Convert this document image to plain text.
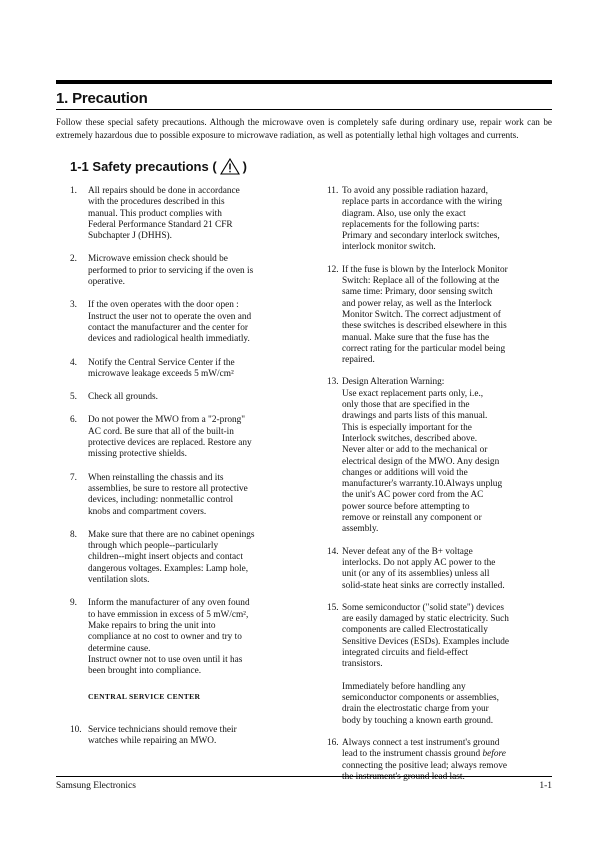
1. Precaution

Follow these special safety precautions. Although the microwave oven is completely safe during ordinary use, repair work can be extremely hazardous due to possible exposure to microwave radiation, as well as potentially lethal high voltages and currents.

1-1 Safety precautions ( )
1.	All repairs should be done in accordance
with the procedures described in this
manual. This product complies with
Federal Performance Standard 21 CFR
Subchapter J (DHHS).
2.	Microwave emission check should be
performed to prior to servicing if the oven is
operative.
3.	If the oven operates with the door open :
Instruct the user not to operate the oven and
contact the manufacturer and the center for
devices and radiological health immediatly.
4.	Notify the Central Service Center if the
microwave leakage exceeds 5 mW/cm²
5.	Check all grounds.
6.	Do not power the MWO from a "2-prong"
AC cord. Be sure that all of the built-in
protective devices are replaced. Restore any
missing protective shields.
7.	When reinstalling the chassis and its
assemblies, be sure to restore all protective
devices, including: nonmetallic control
knobs and compartment covers.
8.	Make sure that there are no cabinet openings
through which people--particularly
children--might insert objects and contact
dangerous voltages. Examples: Lamp hole,
ventilation slots.
9.	Inform the manufacturer of any oven found
to have emmission in excess of 5 mW/cm²,
Make repairs to bring the unit into
compliance at no cost to owner and try to
determine cause.
Instruct owner not to use oven until it has
been brought into compliance.
CENTRAL SERVICE CENTER
10. Service technicians should remove their
watches while repairing an MWO.
11. To avoid any possible radiation hazard,
replace parts in accordance with the wiring
diagram. Also, use only the exact
replacements for the following parts:
Primary and secondary interlock switches,
interlock monitor switch.
12. If the fuse is blown by the Interlock Monitor
Switch: Replace all of the following at the
same time: Primary, door sensing switch
and power relay, as well as the Interlock
Monitor Switch. The correct adjustment of
these switches is described elsewhere in this
manual. Make sure that the fuse has the
correct rating for the particular model being
repaired.
13. Design Alteration Warning:
Use exact replacement parts only, i.e.,
only those that are specified in the
drawings and parts lists of this manual.
This is especially important for the
Interlock switches, described above.
Never alter or add to the mechanical or
electrical design of the MWO. Any design
changes or additions will void the
manufacturer's warranty.10.Always unplug
the unit's AC power cord from the AC
power source before attempting to
remove or reinstall any component or
assembly.
14. Never defeat any of the B+ voltage
interlocks. Do not apply AC power to the
unit (or any of its assemblies) unless all
solid-state heat sinks are correctly installed.
15. Some semiconductor ("solid state") devices
are easily damaged by static electricity. Such
components are called Electrostatically
Sensitive Devices (ESDs). Examples include
integrated circuits and field-effect
transistors.

Immediately before handling any
semiconductor components or assemblies,
drain the electrostatic charge from your
body by touching a known earth ground.
16. Always connect a test instrument's ground
lead to the instrument chassis ground before
connecting the positive lead; always remove

Samsung Electronics	1-1
